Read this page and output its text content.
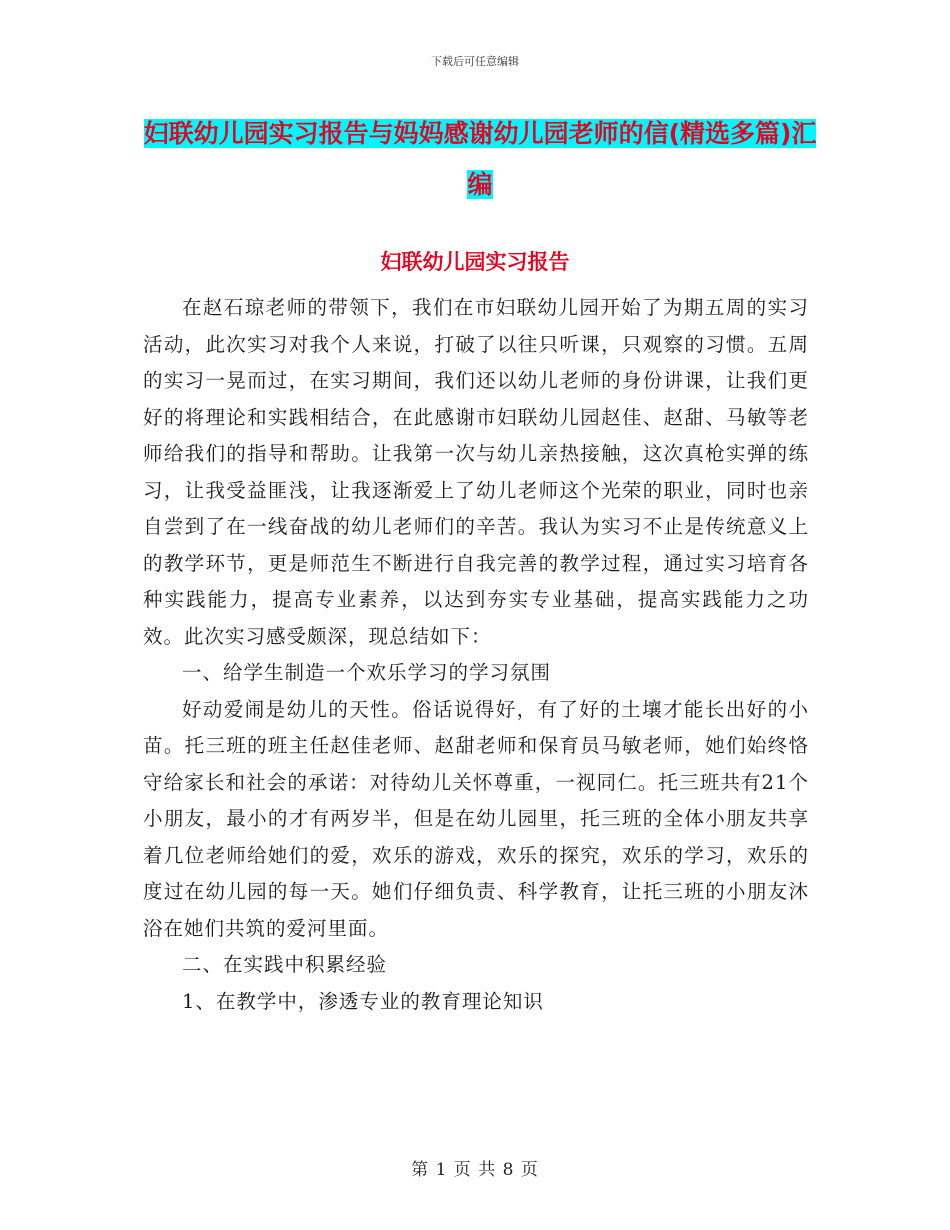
下载后可任意编辑
妇联幼儿园实习报告与妈妈感谢幼儿园老师的信(精选多篇)汇编
妇联幼儿园实习报告

在赵石琼老师的带领下，我们在市妇联幼儿园开始了为期五周的实习活动，此次实习对我个人来说，打破了以往只听课，只观察的习惯。五周的实习一晃而过，在实习期间，我们还以幼儿老师的身份讲课，让我们更好的将理论和实践相结合，在此感谢市妇联幼儿园赵佳、赵甜、马敏等老师给我们的指导和帮助。让我第一次与幼儿亲热接触，这次真枪实弹的练习，让我受益匪浅，让我逐渐爱上了幼儿老师这个光荣的职业，同时也亲自尝到了在一线奋战的幼儿老师们的辛苦。我认为实习不止是传统意义上的教学环节，更是师范生不断进行自我完善的教学过程，通过实习培育各种实践能力，提高专业素养，以达到夯实专业基础，提高实践能力之功效。此次实习感受颇深，现总结如下：

一、给学生制造一个欢乐学习的学习氛围

好动爱闹是幼儿的天性。俗话说得好，有了好的土壤才能长出好的小苗。托三班的班主任赵佳老师、赵甜老师和保育员马敏老师，她们始终恪守给家长和社会的承诺：对待幼儿关怀尊重，一视同仁。托三班共有21个小朋友，最小的才有两岁半，但是在幼儿园里，托三班的全体小朋友共享着几位老师给她们的爱，欢乐的游戏，欢乐的探究，欢乐的学习，欢乐的度过在幼儿园的每一天。她们仔细负责、科学教育，让托三班的小朋友沐浴在她们共筑的爱河里面。

二、在实践中积累经验

1、在教学中，渗透专业的教育理论知识

第 1 页 共 8 页
